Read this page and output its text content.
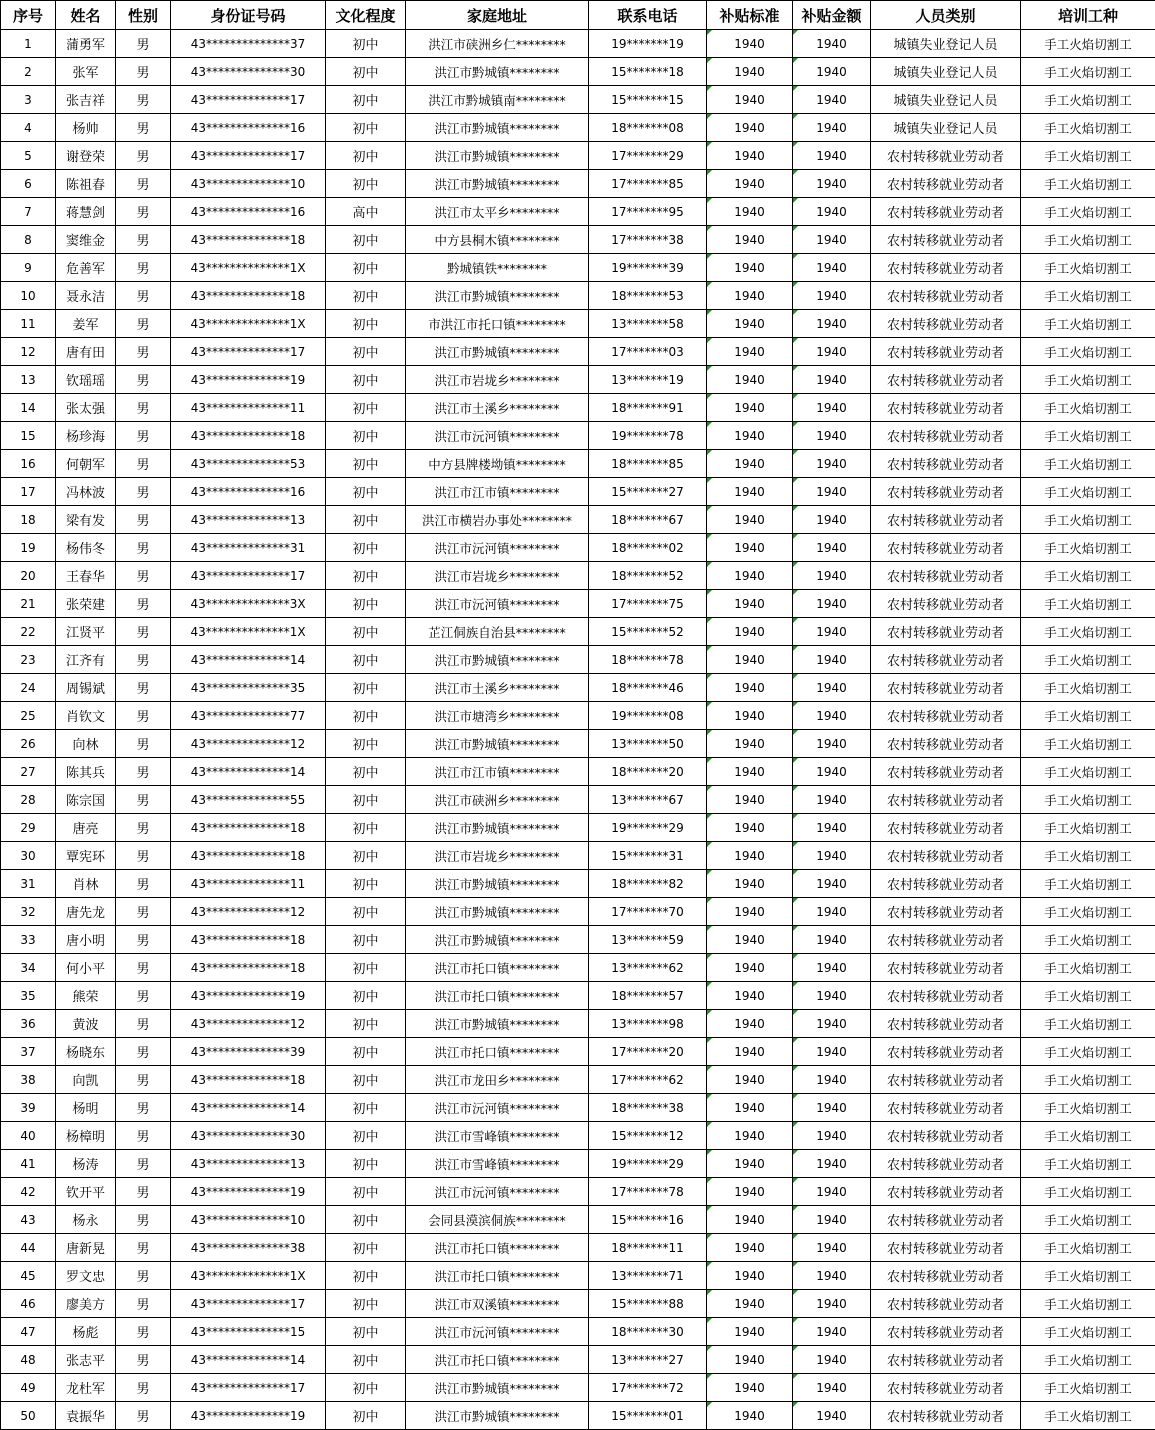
序号	姓名	性别	身份证号码	文化程度	家庭地址	联系电话	补贴标准	补贴金额	人员类别	培训工种
1	蒲勇军	男	43**************37	初中	洪江市硖洲乡仁********	19*******19	1940	1940	城镇失业登记人员	手工火焰切割工
2	张军	男	43**************30	初中	洪江市黔城镇********	15*******18	1940	1940	城镇失业登记人员	手工火焰切割工
3	张吉祥	男	43**************17	初中	洪江市黔城镇南********	15*******15	1940	1940	城镇失业登记人员	手工火焰切割工
4	杨帅	男	43**************16	初中	洪江市黔城镇********	18*******08	1940	1940	城镇失业登记人员	手工火焰切割工
5	谢登荣	男	43**************17	初中	洪江市黔城镇********	17*******29	1940	1940	农村转移就业劳动者	手工火焰切割工
6	陈祖春	男	43**************10	初中	洪江市黔城镇********	17*******85	1940	1940	农村转移就业劳动者	手工火焰切割工
7	蒋慧剑	男	43**************16	高中	洪江市太平乡********	17*******95	1940	1940	农村转移就业劳动者	手工火焰切割工
8	窦维金	男	43**************18	初中	中方县桐木镇********	17*******38	1940	1940	农村转移就业劳动者	手工火焰切割工
9	危善军	男	43**************1X	初中	黔城镇铁********	19*******39	1940	1940	农村转移就业劳动者	手工火焰切割工
10	聂永洁	男	43**************18	初中	洪江市黔城镇********	18*******53	1940	1940	农村转移就业劳动者	手工火焰切割工
11	姜军	男	43**************1X	初中	市洪江市托口镇********	13*******58	1940	1940	农村转移就业劳动者	手工火焰切割工
12	唐有田	男	43**************17	初中	洪江市黔城镇********	17*******03	1940	1940	农村转移就业劳动者	手工火焰切割工
13	钦瑶瑶	男	43**************19	初中	洪江市岩垅乡********	13*******19	1940	1940	农村转移就业劳动者	手工火焰切割工
14	张太强	男	43**************11	初中	洪江市土溪乡********	18*******91	1940	1940	农村转移就业劳动者	手工火焰切割工
15	杨珍海	男	43**************18	初中	洪江市沅河镇********	19*******78	1940	1940	农村转移就业劳动者	手工火焰切割工
16	何朝军	男	43**************53	初中	中方县牌楼坳镇********	18*******85	1940	1940	农村转移就业劳动者	手工火焰切割工
17	冯林波	男	43**************16	初中	洪江市江市镇********	15*******27	1940	1940	农村转移就业劳动者	手工火焰切割工
18	梁有发	男	43**************13	初中	洪江市横岩办事处********	18*******67	1940	1940	农村转移就业劳动者	手工火焰切割工
19	杨伟冬	男	43**************31	初中	洪江市沅河镇********	18*******02	1940	1940	农村转移就业劳动者	手工火焰切割工
20	王春华	男	43**************17	初中	洪江市岩垅乡********	18*******52	1940	1940	农村转移就业劳动者	手工火焰切割工
21	张荣建	男	43**************3X	初中	洪江市沅河镇********	17*******75	1940	1940	农村转移就业劳动者	手工火焰切割工
22	江贤平	男	43**************1X	初中	芷江侗族自治县********	15*******52	1940	1940	农村转移就业劳动者	手工火焰切割工
23	江齐有	男	43**************14	初中	洪江市黔城镇********	18*******78	1940	1940	农村转移就业劳动者	手工火焰切割工
24	周锡斌	男	43**************35	初中	洪江市土溪乡********	18*******46	1940	1940	农村转移就业劳动者	手工火焰切割工
25	肖钦文	男	43**************77	初中	洪江市塘湾乡********	19*******08	1940	1940	农村转移就业劳动者	手工火焰切割工
26	向林	男	43**************12	初中	洪江市黔城镇********	13*******50	1940	1940	农村转移就业劳动者	手工火焰切割工
27	陈其兵	男	43**************14	初中	洪江市江市镇********	18*******20	1940	1940	农村转移就业劳动者	手工火焰切割工
28	陈宗国	男	43**************55	初中	洪江市硖洲乡********	13*******67	1940	1940	农村转移就业劳动者	手工火焰切割工
29	唐亮	男	43**************18	初中	洪江市黔城镇********	19*******29	1940	1940	农村转移就业劳动者	手工火焰切割工
30	覃宪环	男	43**************18	初中	洪江市岩垅乡********	15*******31	1940	1940	农村转移就业劳动者	手工火焰切割工
31	肖林	男	43**************11	初中	洪江市黔城镇********	18*******82	1940	1940	农村转移就业劳动者	手工火焰切割工
32	唐先龙	男	43**************12	初中	洪江市黔城镇********	17*******70	1940	1940	农村转移就业劳动者	手工火焰切割工
33	唐小明	男	43**************18	初中	洪江市黔城镇********	13*******59	1940	1940	农村转移就业劳动者	手工火焰切割工
34	何小平	男	43**************18	初中	洪江市托口镇********	13*******62	1940	1940	农村转移就业劳动者	手工火焰切割工
35	熊荣	男	43**************19	初中	洪江市托口镇********	18*******57	1940	1940	农村转移就业劳动者	手工火焰切割工
36	黄波	男	43**************12	初中	洪江市黔城镇********	13*******98	1940	1940	农村转移就业劳动者	手工火焰切割工
37	杨晓东	男	43**************39	初中	洪江市托口镇********	17*******20	1940	1940	农村转移就业劳动者	手工火焰切割工
38	向凯	男	43**************18	初中	洪江市龙田乡********	17*******62	1940	1940	农村转移就业劳动者	手工火焰切割工
39	杨明	男	43**************14	初中	洪江市沅河镇********	18*******38	1940	1940	农村转移就业劳动者	手工火焰切割工
40	杨樟明	男	43**************30	初中	洪江市雪峰镇********	15*******12	1940	1940	农村转移就业劳动者	手工火焰切割工
41	杨涛	男	43**************13	初中	洪江市雪峰镇********	19*******29	1940	1940	农村转移就业劳动者	手工火焰切割工
42	钦开平	男	43**************19	初中	洪江市沅河镇********	17*******78	1940	1940	农村转移就业劳动者	手工火焰切割工
43	杨永	男	43**************10	初中	会同县漠滨侗族********	15*******16	1940	1940	农村转移就业劳动者	手工火焰切割工
44	唐新晃	男	43**************38	初中	洪江市托口镇********	18*******11	1940	1940	农村转移就业劳动者	手工火焰切割工
45	罗文忠	男	43**************1X	初中	洪江市托口镇********	13*******71	1940	1940	农村转移就业劳动者	手工火焰切割工
46	廖美方	男	43**************17	初中	洪江市双溪镇********	15*******88	1940	1940	农村转移就业劳动者	手工火焰切割工
47	杨彪	男	43**************15	初中	洪江市沅河镇********	18*******30	1940	1940	农村转移就业劳动者	手工火焰切割工
48	张志平	男	43**************14	初中	洪江市托口镇********	13*******27	1940	1940	农村转移就业劳动者	手工火焰切割工
49	龙杜军	男	43**************17	初中	洪江市黔城镇********	17*******72	1940	1940	农村转移就业劳动者	手工火焰切割工
50	袁振华	男	43**************19	初中	洪江市黔城镇********	15*******01	1940	1940	农村转移就业劳动者	手工火焰切割工
